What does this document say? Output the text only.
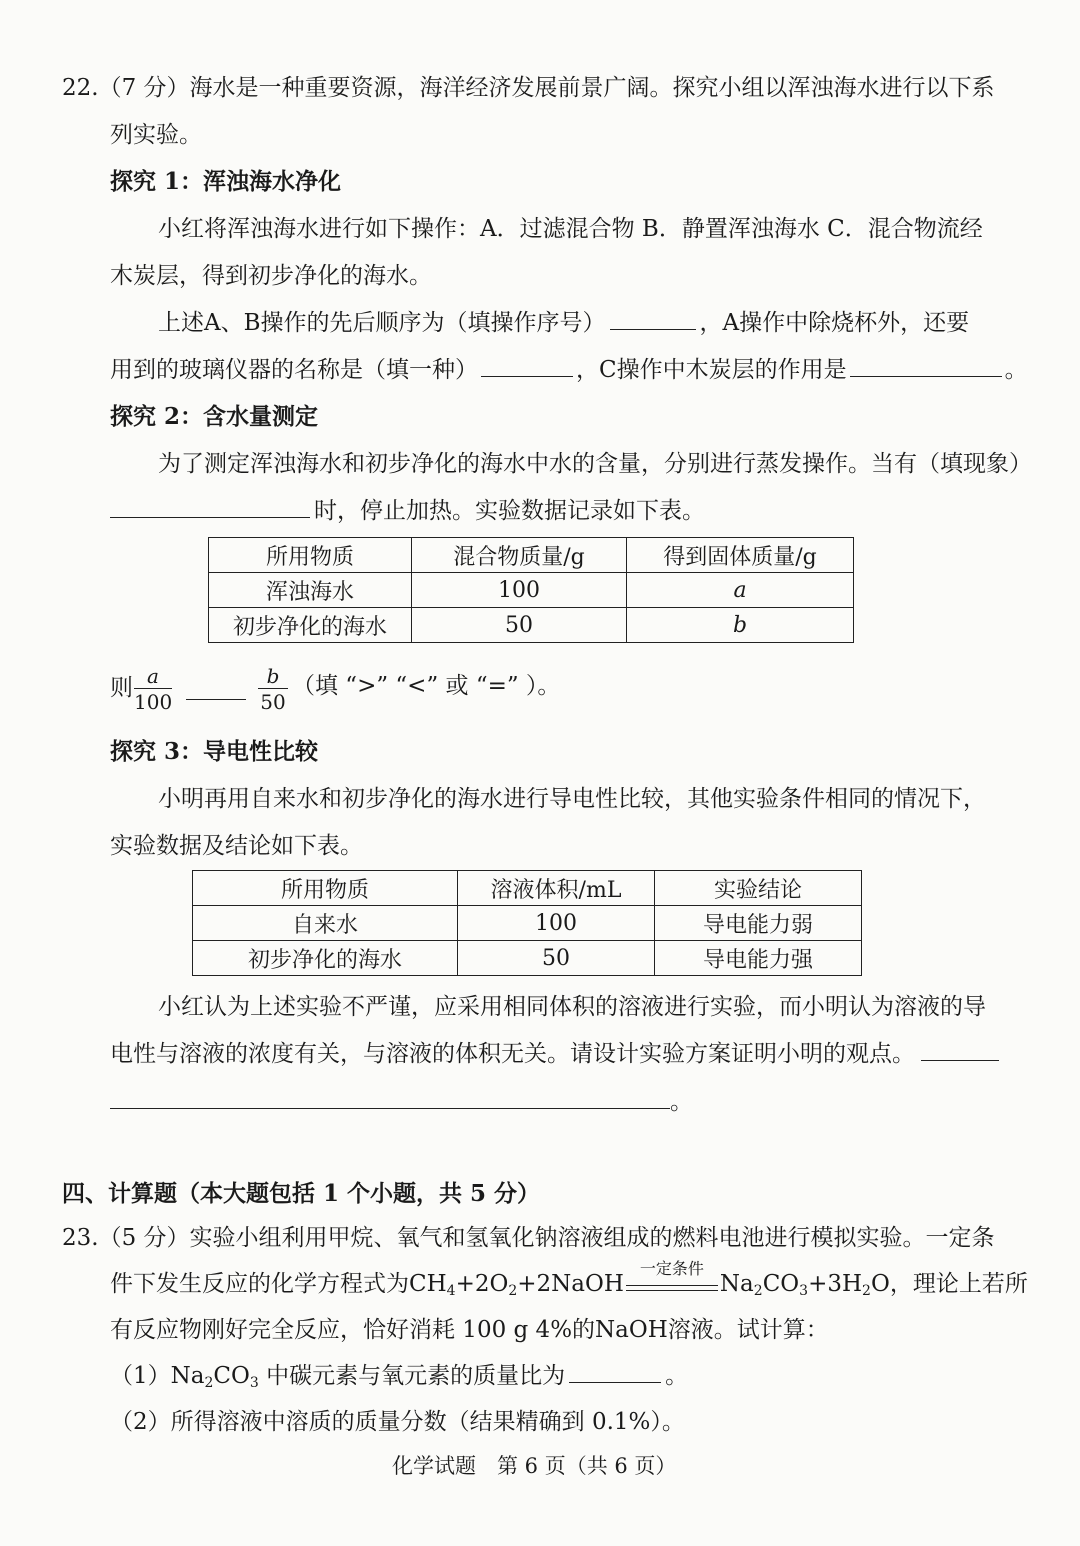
22.（7 分）海水是一种重要资源，海洋经济发展前景广阔。探究小组以浑浊海水进行以下系
列实验。
探究 1：浑浊海水净化
小红将浑浊海水进行如下操作：A．过滤混合物 B．静置浑浊海水 C．混合物流经
木炭层，得到初步净化的海水。
上述A、B操作的先后顺序为（填操作序号）	，A操作中除烧杯外，还要
用到的玻璃仪器的名称是（填一种）	，C操作中木炭层的作用是	。
探究 2：含水量测定
为了测定浑浊海水和初步净化的海水中水的含量，分别进行蒸发操作。当有（填现象）
时，停止加热。实验数据记录如下表。
所用物质	混合物质量/g	得到固体质量/g
浑浊海水	100	a
初步净化的海水	50	b
则 a
100
b
50
（填 “>” “<” 或 “=” ）。
探究 3：导电性比较
小明再用自来水和初步净化的海水进行导电性比较，其他实验条件相同的情况下，
实验数据及结论如下表。
所用物质	溶液体积/mL	实验结论
自来水	100	导电能力弱
初步净化的海水	50	导电能力强
小红认为上述实验不严谨，应采用相同体积的溶液进行实验，而小明认为溶液的导
电性与溶液的浓度有关，与溶液的体积无关。请设计实验方案证明小明的观点。
。
四、计算题（本大题包括 1 个小题，共 5 分）
23.（5 分）实验小组利用甲烷、氧气和氢氧化钠溶液组成的燃料电池进行模拟实验。一定条
件下发生反应的化学方程式为$CH_4+2O_2+2NaOH$
一定条件
$Na_2CO_3+3H_2O$，理论上若所
有反应物刚好完全反应，恰好消耗 100 g 4%的NaOH溶液。试计算：
$(1)Na_2CO_3$ 中碳元素与氧元素的质量比为	。
（2）所得溶液中溶质的质量分数（结果精确到 0.1%）。
化学试题　第 6 页（共 6 页）
